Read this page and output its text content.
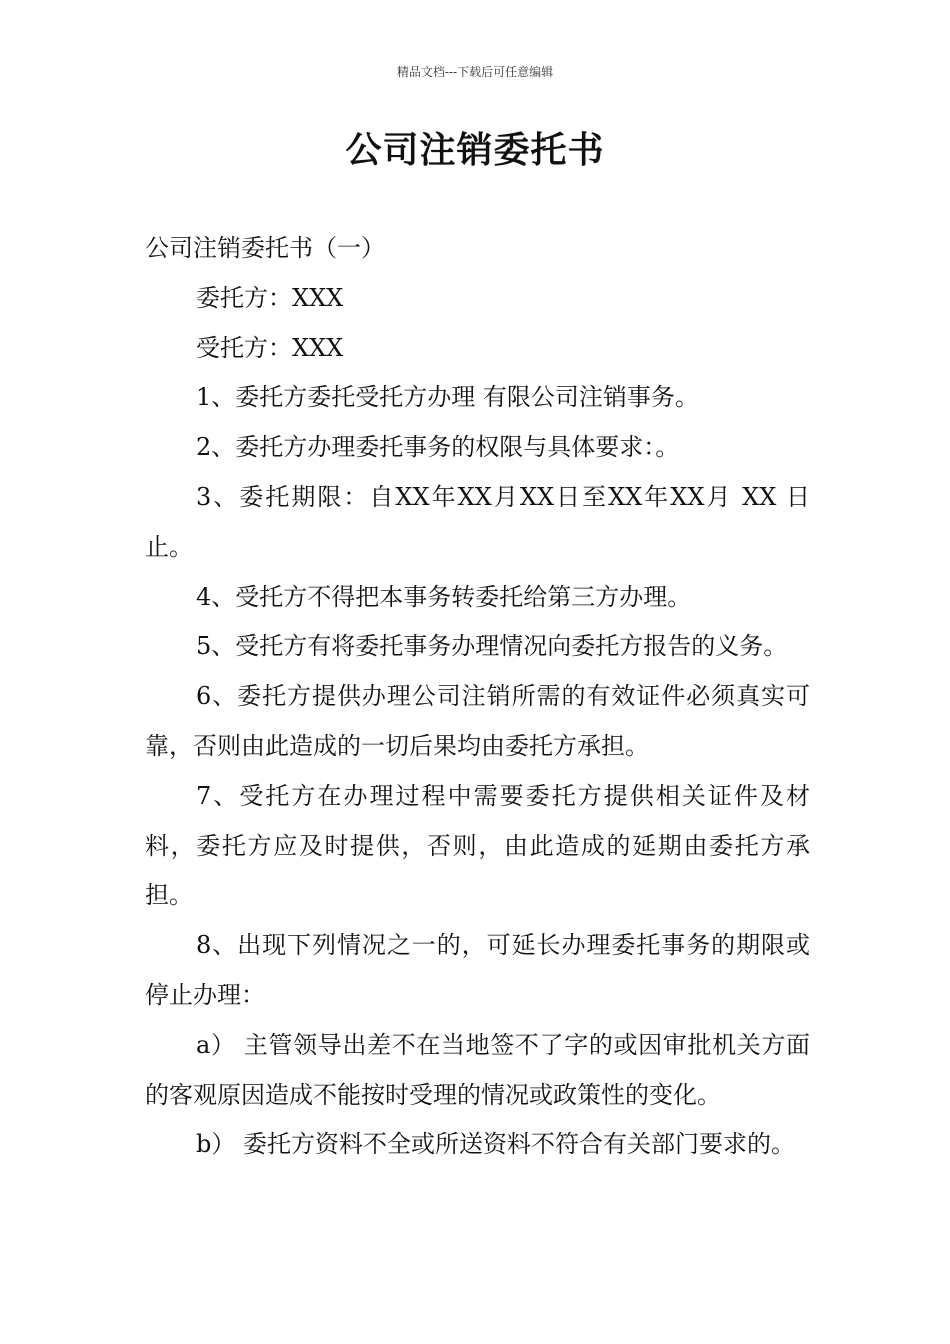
精品文档---下载后可任意编辑
公司注销委托书

公司注销委托书（一）

委托方：XXX

受托方：XXX

1、委托方委托受托方办理 有限公司注销事务。

2、委托方办理委托事务的权限与具体要求：。

3、委托期限：自XX年XX月XX日至XX年XX月 XX 日止。

4、受托方不得把本事务转委托给第三方办理。

5、受托方有将委托事务办理情况向委托方报告的义务。

6、委托方提供办理公司注销所需的有效证件必须真实可靠，否则由此造成的一切后果均由委托方承担。

7、受托方在办理过程中需要委托方提供相关证件及材料，委托方应及时提供，否则，由此造成的延期由委托方承担。

8、出现下列情况之一的，可延长办理委托事务的期限或停止办理：

a） 主管领导出差不在当地签不了字的或因审批机关方面的客观原因造成不能按时受理的情况或政策性的变化。

b） 委托方资料不全或所送资料不符合有关部门要求的。
